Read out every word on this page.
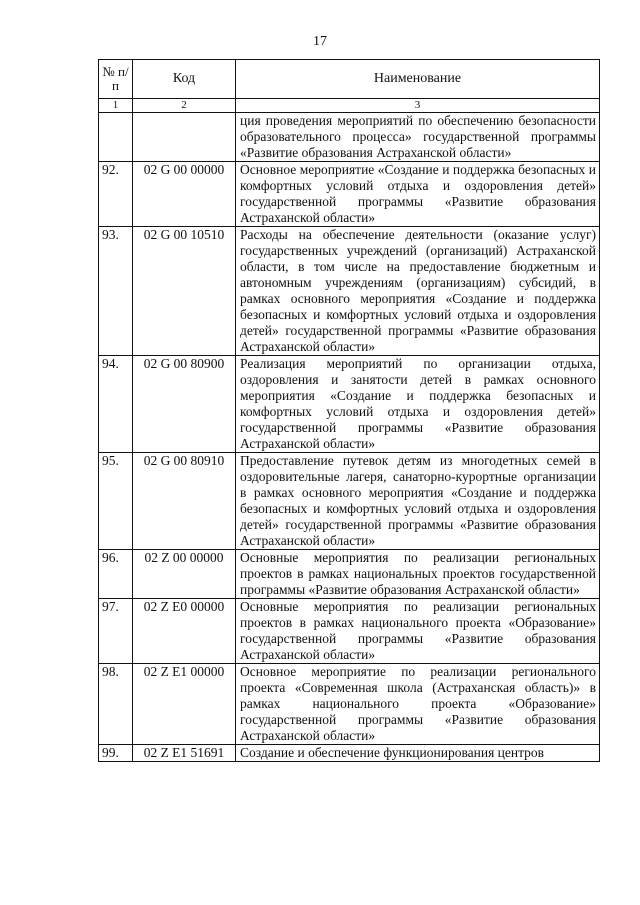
17
№ п/п	Код	Наименование
1	2	3
		ция проведения мероприятий по обеспечению безопасности образовательного процесса» государственной программы «Развитие образования Астраханской области»
92.	02 G 00 00000	Основное мероприятие «Создание и поддержка безопасных и комфортных условий отдыха и оздоровления детей» государственной программы «Развитие образования Астраханской области»
93.	02 G 00 10510	Расходы на обеспечение деятельности (оказание услуг) государственных учреждений (организаций) Астраханской области, в том числе на предоставление бюджетным и автономным учреждениям (организациям) субсидий, в рамках основного мероприятия «Создание и поддержка безопасных и комфортных условий отдыха и оздоровления детей» государственной программы «Развитие образования Астраханской области»
94.	02 G 00 80900	Реализация мероприятий по организации отдыха, оздоровления и занятости детей в рамках основного мероприятия «Создание и поддержка безопасных и комфортных условий отдыха и оздоровления детей» государственной программы «Развитие образования Астраханской области»
95.	02 G 00 80910	Предоставление путевок детям из многодетных семей в оздоровительные лагеря, санаторно-курортные организации в рамках основного мероприятия «Создание и поддержка безопасных и комфортных условий отдыха и оздоровления детей» государственной программы «Развитие образования Астраханской области»
96.	02 Z 00 00000	Основные мероприятия по реализации региональных проектов в рамках национальных проектов государственной программы «Развитие образования Астраханской области»
97.	02 Z E0 00000	Основные мероприятия по реализации региональных проектов в рамках национального проекта «Образование» государственной программы «Развитие образования Астраханской области»
98.	02 Z E1 00000	Основное мероприятие по реализации регионального проекта «Современная школа (Астраханская область)» в рамках национального проекта «Образование» государственной программы «Развитие образования Астраханской области»
99.	02 Z E1 51691	Создание и обеспечение функционирования центров
